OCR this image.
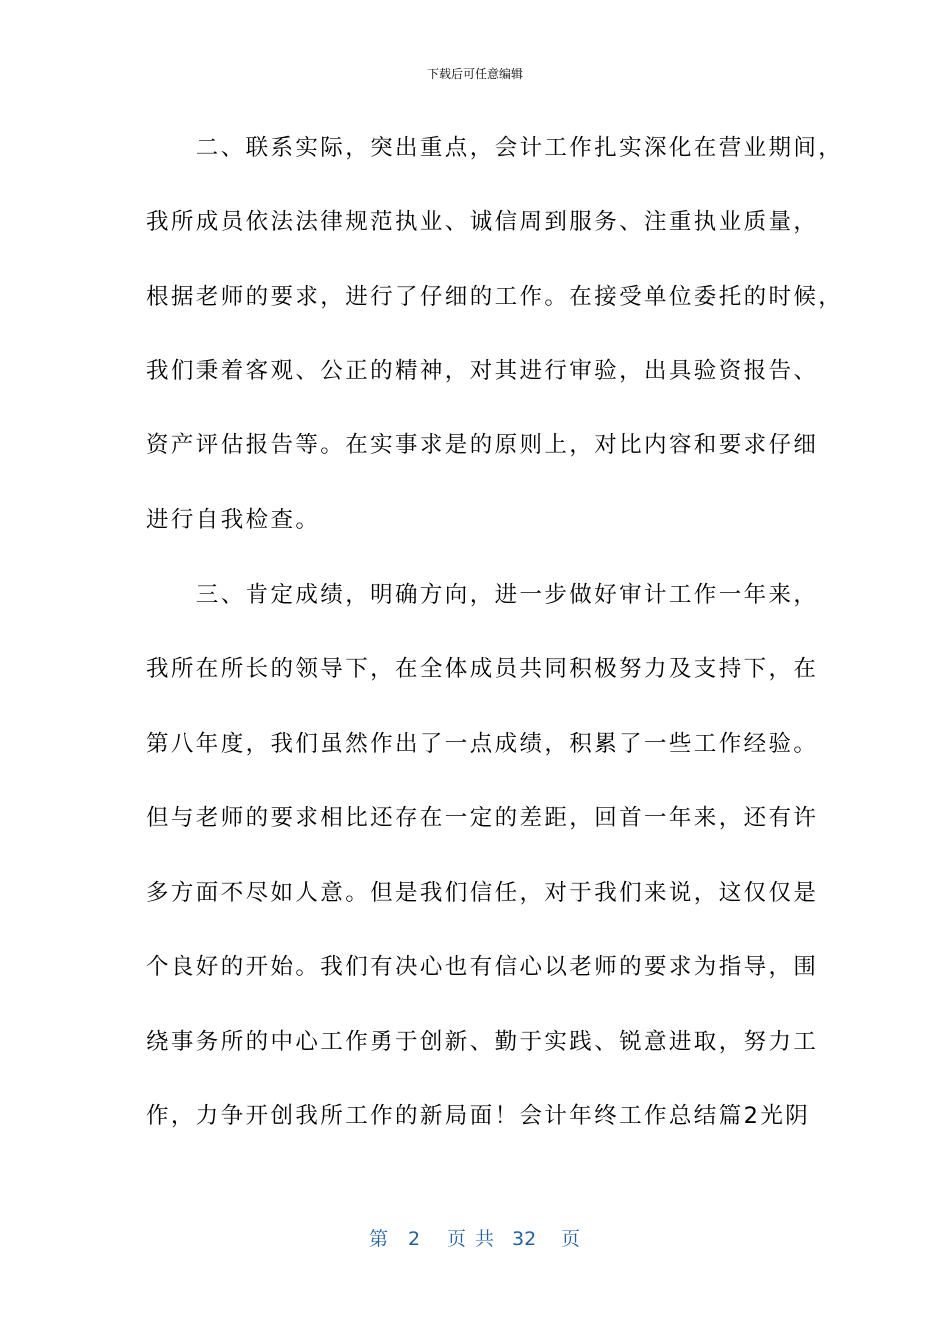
下载后可任意编辑
　　二、联系实际，突出重点，会计工作扎实深化在营业期间，
我所成员依法法律规范执业、诚信周到服务、注重执业质量，
根据老师的要求，进行了仔细的工作。在接受单位委托的时候，
我们秉着客观、公正的精神，对其进行审验，出具验资报告、
资产评估报告等。在实事求是的原则上，对比内容和要求仔细
进行自我检查。
　　三、肯定成绩，明确方向，进一步做好审计工作一年来，
我所在所长的领导下，在全体成员共同积极努力及支持下，在
第八年度，我们虽然作出了一点成绩，积累了一些工作经验。
但与老师的要求相比还存在一定的差距，回首一年来，还有许
多方面不尽如人意。但是我们信任，对于我们来说，这仅仅是
个良好的开始。我们有决心也有信心以老师的要求为指导，围
绕事务所的中心工作勇于创新、勤于实践、锐意进取，努力工
作，力争开创我所工作的新局面！会计年终工作总结篇2光阴
第 2 页 共 32 页
